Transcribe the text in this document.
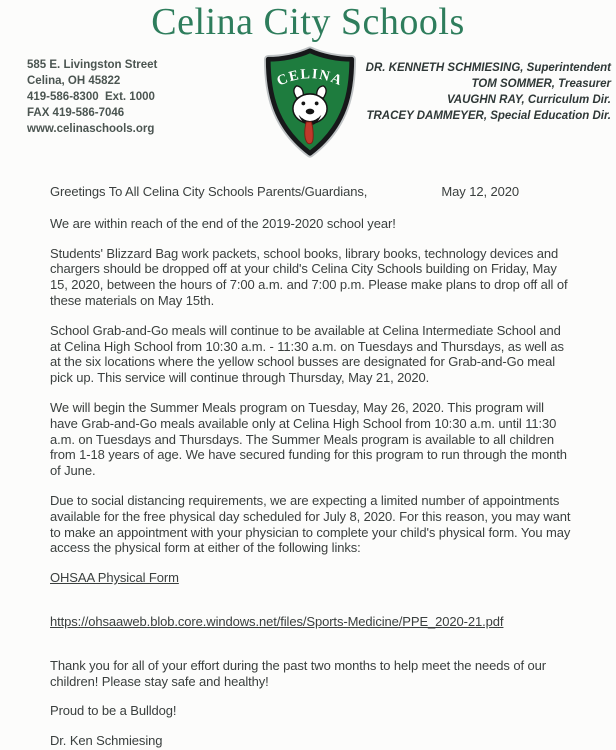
Celina City Schools
585 E. Livingston Street
Celina, OH 45822
419-586-8300  Ext. 1000
FAX 419-586-7046
www.celinaschools.org
CELINA
DR. KENNETH SCHMIESING, Superintendent
TOM SOMMER, Treasurer
VAUGHN RAY, Curriculum Dir.
TRACEY DAMMEYER, Special Education Dir.
Greetings To All Celina City Schools Parents/Guardians,	May 12, 2020

We are within reach of the end of the 2019-2020 school year!

Students' Blizzard Bag work packets, school books, library books, technology devices and chargers should be dropped off at your child's Celina City Schools building on Friday, May 15, 2020, between the hours of 7:00 a.m. and 7:00 p.m. Please make plans to drop off all of these materials on May 15th.

School Grab-and-Go meals will continue to be available at Celina Intermediate School and at Celina High School from 10:30 a.m. - 11:30 a.m. on Tuesdays and Thursdays, as well as at the six locations where the yellow school busses are designated for Grab-and-Go meal pick up. This service will continue through Thursday, May 21, 2020.

We will begin the Summer Meals program on Tuesday, May 26, 2020. This program will have Grab-and-Go meals available only at Celina High School from 10:30 a.m. until 11:30 a.m. on Tuesdays and Thursdays. The Summer Meals program is available to all children from 1-18 years of age. We have secured funding for this program to run through the month of June.

Due to social distancing requirements, we are expecting a limited number of appointments available for the free physical day scheduled for July 8, 2020. For this reason, you may want to make an appointment with your physician to complete your child's physical form. You may access the physical form at either of the following links:

OHSAA Physical Form
https://ohsaaweb.blob.core.windows.net/files/Sports-Medicine/PPE_2020-21.pdf

Thank you for all of your effort during the past two months to help meet the needs of our children! Please stay safe and healthy!

Proud to be a Bulldog!

Dr. Ken Schmiesing
